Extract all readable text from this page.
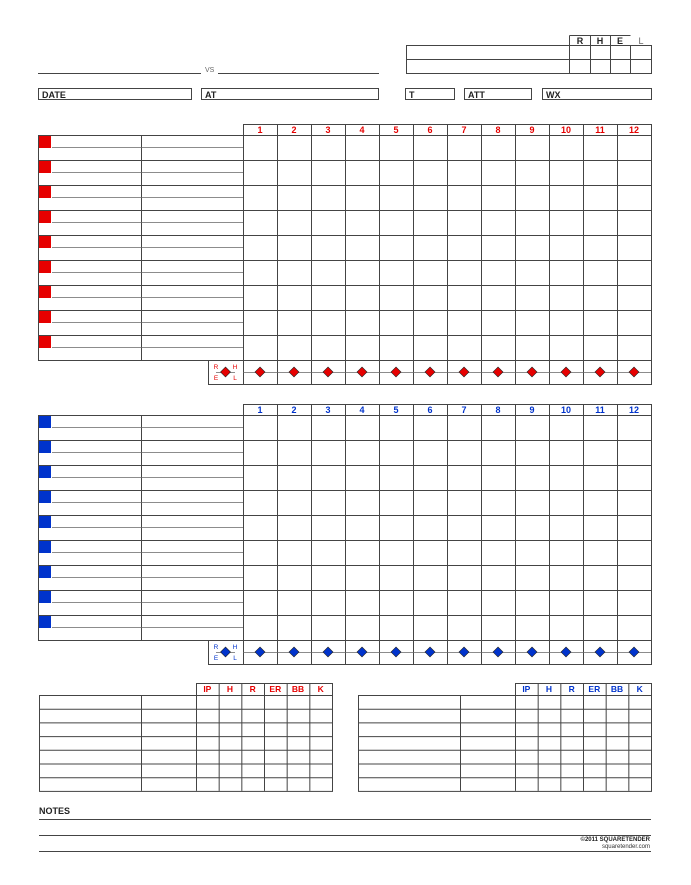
VS
R H E L
DATE	AT	T	ATT	WX
1	2	3	4	5	6	7	8	9	10	11	12
R H
E L
1	2	3	4	5	6	7	8	9	10	11	12
R H
E L
IP H R ER BB K	IP H R ER BB K
NOTES
©2011 SQUARETENDER
squaretender.com
